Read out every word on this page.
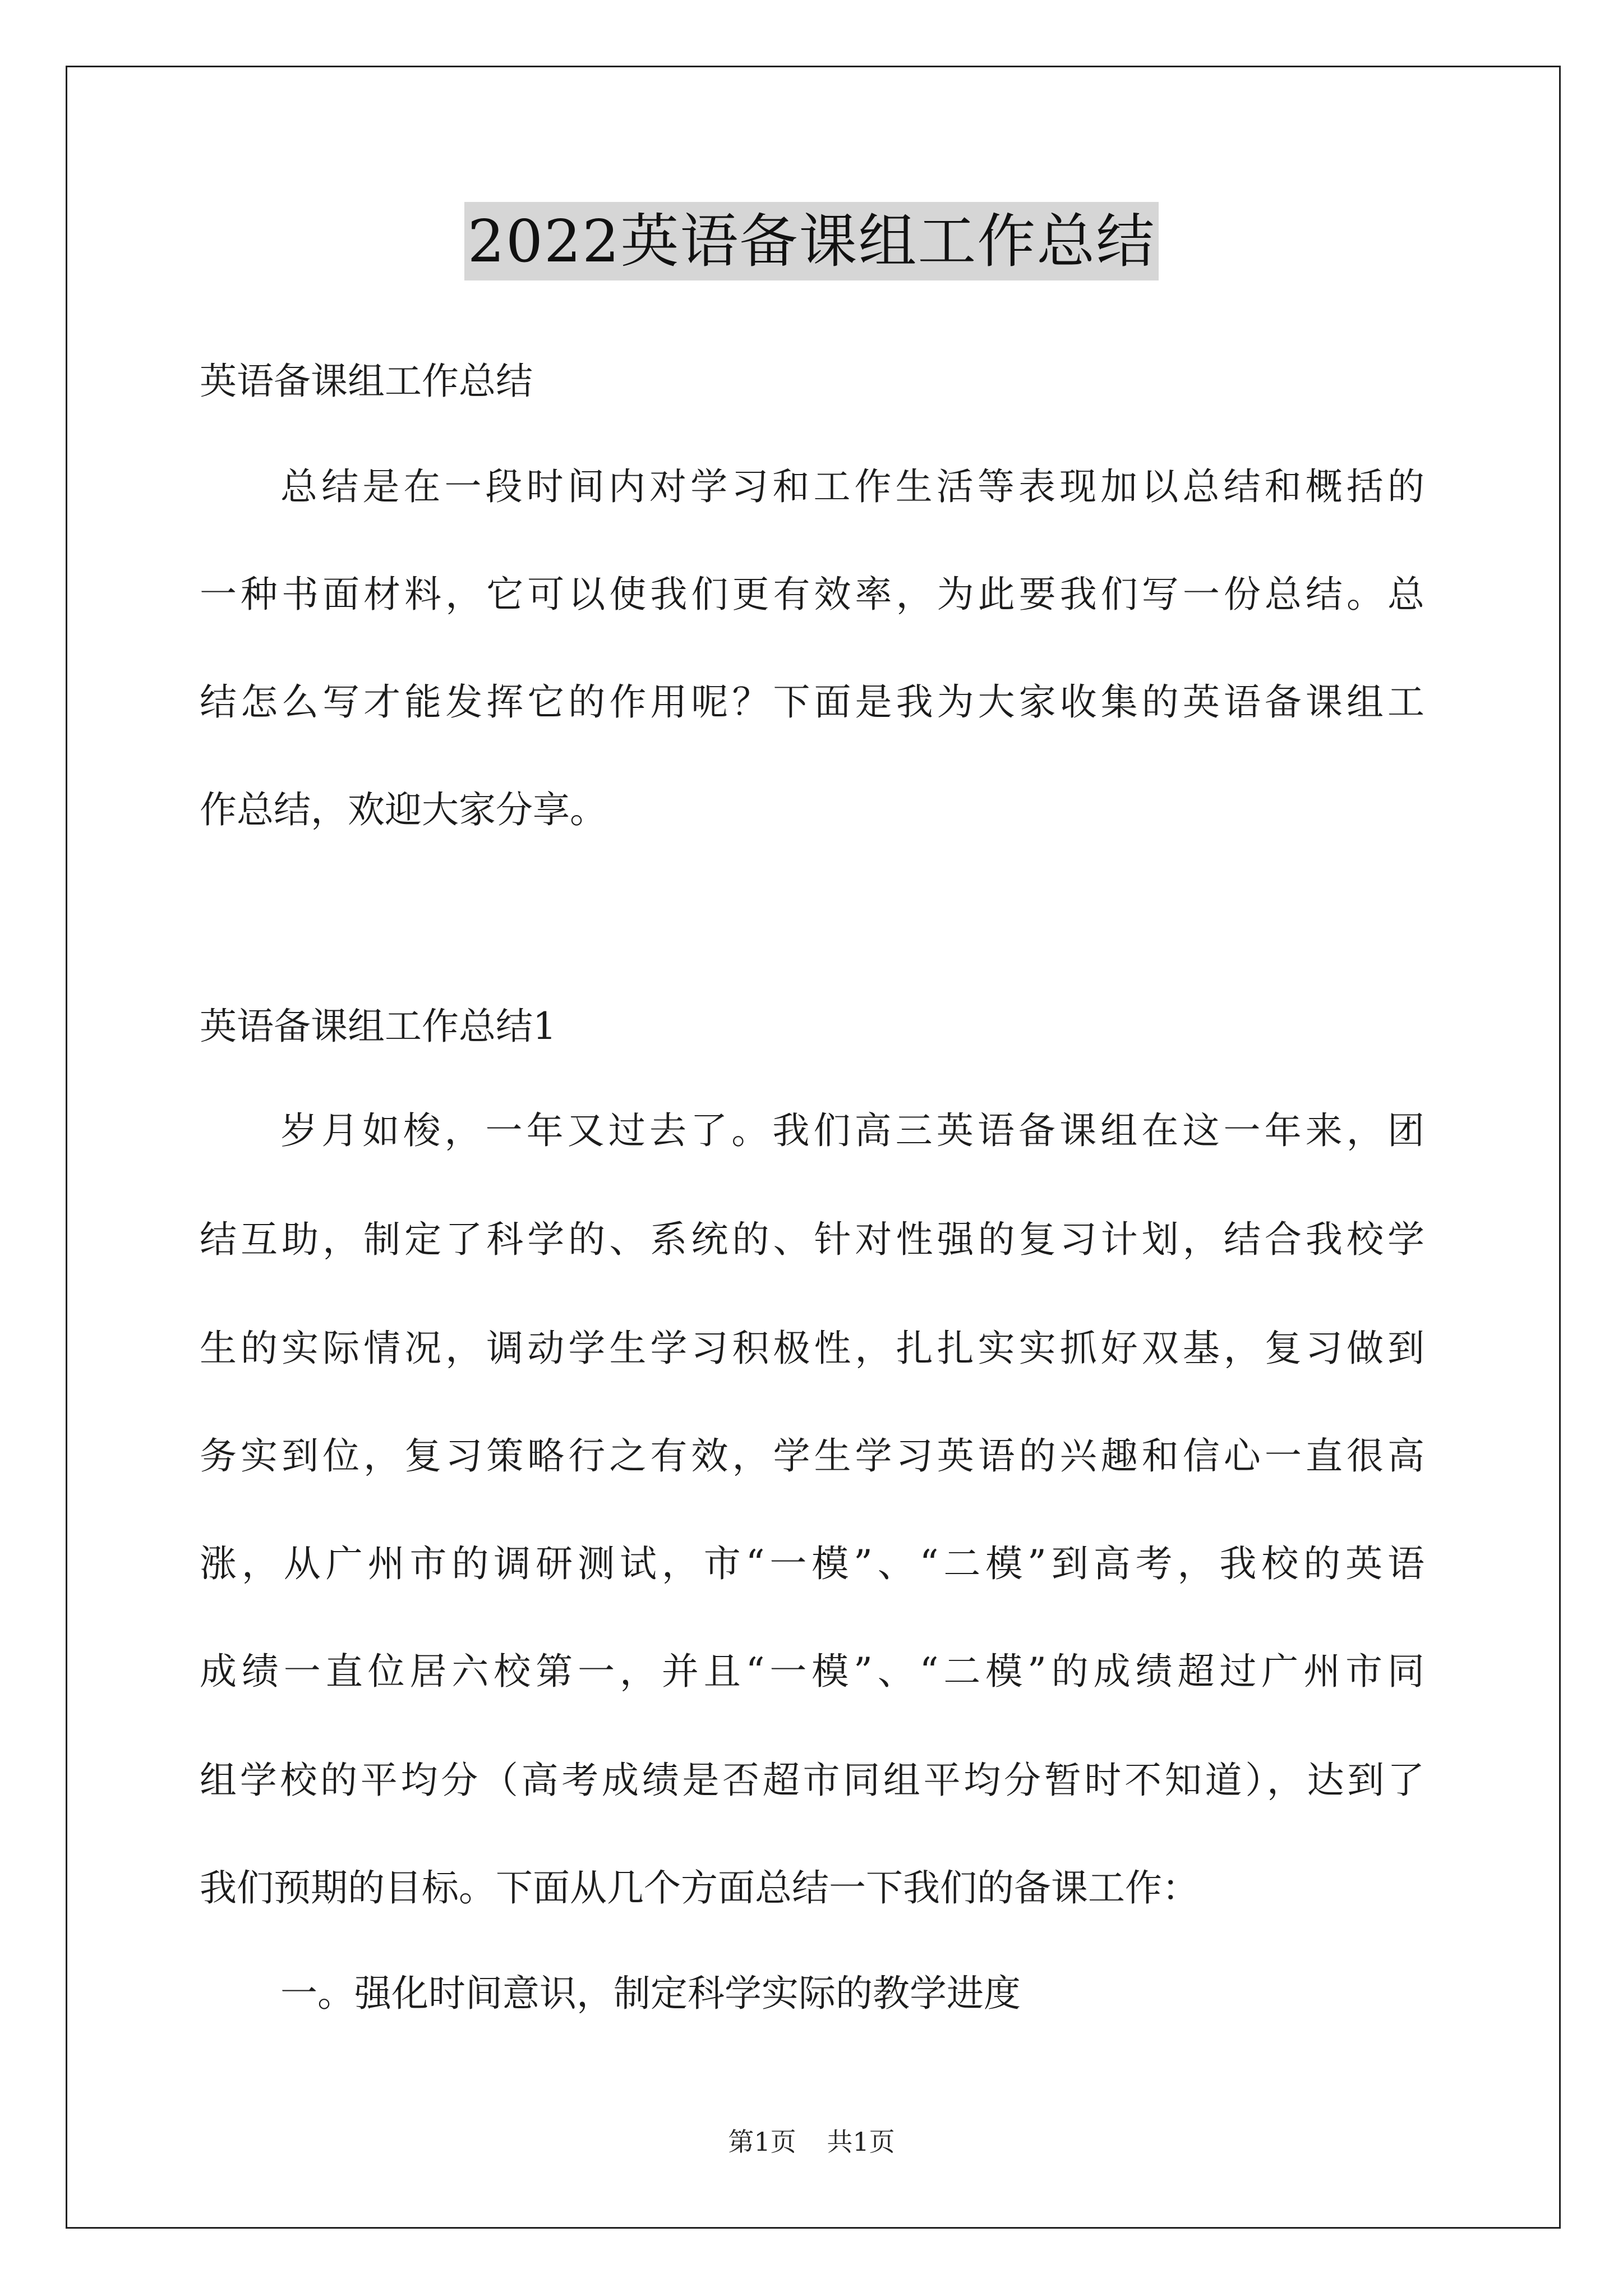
2022英语备课组工作总结
英语备课组工作总结
总结是在一段时间内对学习和工作生活等表现加以总结和概括的
一种书面材料，它可以使我们更有效率，为此要我们写一份总结。总
结怎么写才能发挥它的作用呢？下面是我为大家收集的英语备课组工
作总结，欢迎大家分享。
英语备课组工作总结1
岁月如梭，一年又过去了。我们高三英语备课组在这一年来，团
结互助，制定了科学的、系统的、针对性强的复习计划，结合我校学
生的实际情况，调动学生学习积极性，扎扎实实抓好双基，复习做到
务实到位，复习策略行之有效，学生学习英语的兴趣和信心一直很高
涨，从广州市的调研测试，市“一模”、“二模”到高考，我校的英语
成绩一直位居六校第一，并且“一模”、“二模”的成绩超过广州市同
组学校的平均分（高考成绩是否超市同组平均分暂时不知道），达到了
我们预期的目标。下面从几个方面总结一下我们的备课工作：
一。强化时间意识，制定科学实际的教学进度
第1页 共1页
